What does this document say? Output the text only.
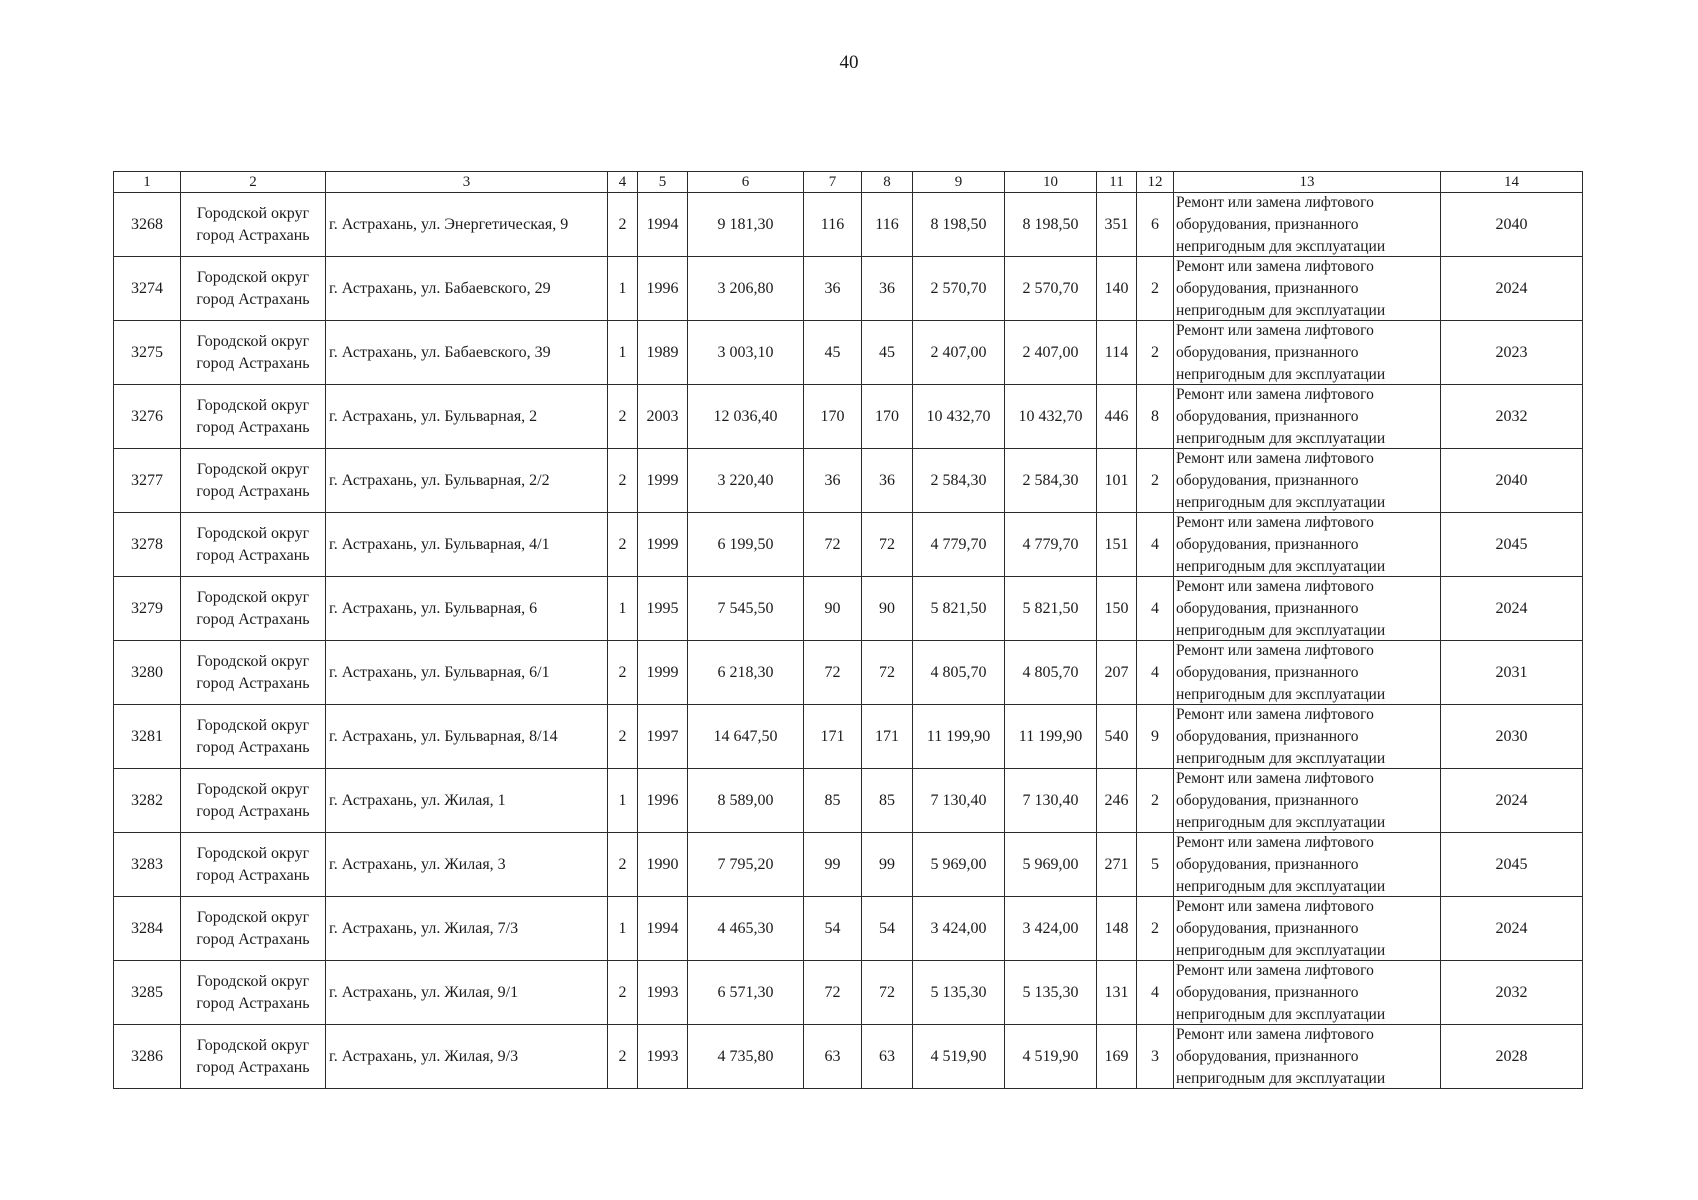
40
1	2	3	4	5	6	7	8	9	10	11	12	13	14
3268	Городской округ город Астрахань	г. Астрахань, ул. Энергетическая, 9	2	1994	9 181,30	116	116	8 198,50	8 198,50	351	6	Ремонт или замена лифтового оборудования, признанного непригодным для эксплуатации	2040
3274	Городской округ город Астрахань	г. Астрахань, ул. Бабаевского, 29	1	1996	3 206,80	36	36	2 570,70	2 570,70	140	2	Ремонт или замена лифтового оборудования, признанного непригодным для эксплуатации	2024
3275	Городской округ город Астрахань	г. Астрахань, ул. Бабаевского, 39	1	1989	3 003,10	45	45	2 407,00	2 407,00	114	2	Ремонт или замена лифтового оборудования, признанного непригодным для эксплуатации	2023
3276	Городской округ город Астрахань	г. Астрахань, ул. Бульварная, 2	2	2003	12 036,40	170	170	10 432,70	10 432,70	446	8	Ремонт или замена лифтового оборудования, признанного непригодным для эксплуатации	2032
3277	Городской округ город Астрахань	г. Астрахань, ул. Бульварная, 2/2	2	1999	3 220,40	36	36	2 584,30	2 584,30	101	2	Ремонт или замена лифтового оборудования, признанного непригодным для эксплуатации	2040
3278	Городской округ город Астрахань	г. Астрахань, ул. Бульварная, 4/1	2	1999	6 199,50	72	72	4 779,70	4 779,70	151	4	Ремонт или замена лифтового оборудования, признанного непригодным для эксплуатации	2045
3279	Городской округ город Астрахань	г. Астрахань, ул. Бульварная, 6	1	1995	7 545,50	90	90	5 821,50	5 821,50	150	4	Ремонт или замена лифтового оборудования, признанного непригодным для эксплуатации	2024
3280	Городской округ город Астрахань	г. Астрахань, ул. Бульварная, 6/1	2	1999	6 218,30	72	72	4 805,70	4 805,70	207	4	Ремонт или замена лифтового оборудования, признанного непригодным для эксплуатации	2031
3281	Городской округ город Астрахань	г. Астрахань, ул. Бульварная, 8/14	2	1997	14 647,50	171	171	11 199,90	11 199,90	540	9	Ремонт или замена лифтового оборудования, признанного непригодным для эксплуатации	2030
3282	Городской округ город Астрахань	г. Астрахань, ул. Жилая, 1	1	1996	8 589,00	85	85	7 130,40	7 130,40	246	2	Ремонт или замена лифтового оборудования, признанного непригодным для эксплуатации	2024
3283	Городской округ город Астрахань	г. Астрахань, ул. Жилая, 3	2	1990	7 795,20	99	99	5 969,00	5 969,00	271	5	Ремонт или замена лифтового оборудования, признанного непригодным для эксплуатации	2045
3284	Городской округ город Астрахань	г. Астрахань, ул. Жилая, 7/3	1	1994	4 465,30	54	54	3 424,00	3 424,00	148	2	Ремонт или замена лифтового оборудования, признанного непригодным для эксплуатации	2024
3285	Городской округ город Астрахань	г. Астрахань, ул. Жилая, 9/1	2	1993	6 571,30	72	72	5 135,30	5 135,30	131	4	Ремонт или замена лифтового оборудования, признанного непригодным для эксплуатации	2032
3286	Городской округ город Астрахань	г. Астрахань, ул. Жилая, 9/3	2	1993	4 735,80	63	63	4 519,90	4 519,90	169	3	Ремонт или замена лифтового оборудования, признанного непригодным для эксплуатации	2028
